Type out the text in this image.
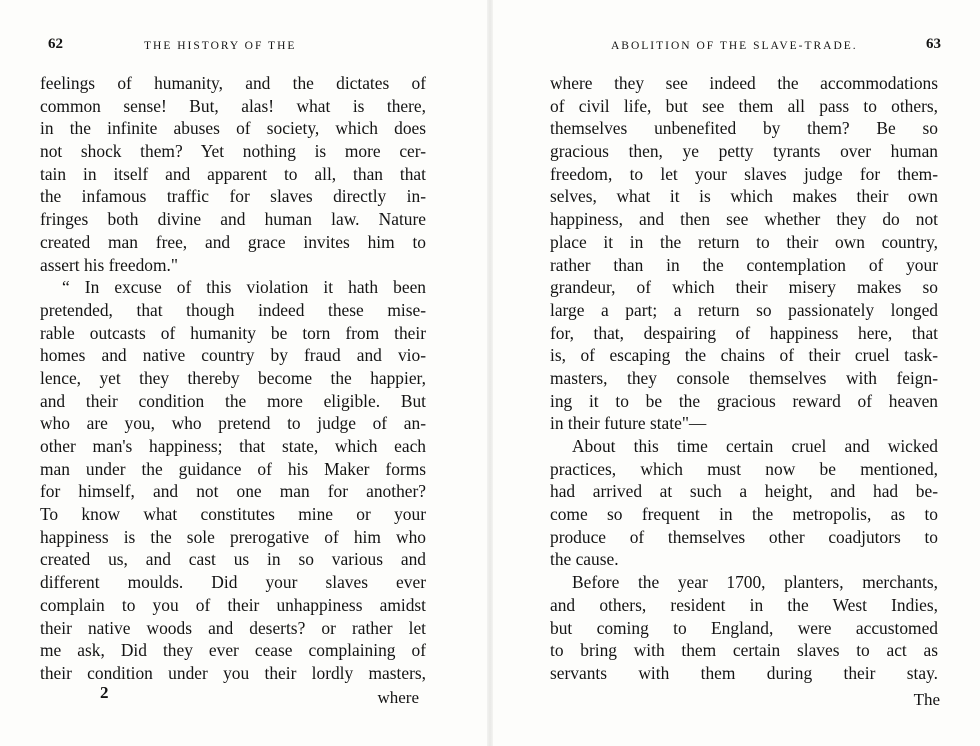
62	THE HISTORY OF THE
feelings of humanity, and the dictates of
common sense! But, alas! what is there,
in the infinite abuses of society, which does
not shock them? Yet nothing is more cer-
tain in itself and apparent to all, than that
the infamous traffic for slaves directly in-
fringes both divine and human law. Nature
created man free, and grace invites him to
assert his freedom."
“ In excuse of this violation it hath been
pretended, that though indeed these mise-
rable outcasts of humanity be torn from their
homes and native country by fraud and vio-
lence, yet they thereby become the happier,
and their condition the more eligible. But
who are you, who pretend to judge of an-
other man's happiness; that state, which each
man under the guidance of his Maker forms
for himself, and not one man for another?
To know what constitutes mine or your
happiness is the sole prerogative of him who
created us, and cast us in so various and
different moulds. Did your slaves ever
complain to you of their unhappiness amidst
their native woods and deserts? or rather let
me ask, Did they ever cease complaining of
their condition under you their lordly masters,
2	where
ABOLITION OF THE SLAVE-TRADE.	63
where they see indeed the accommodations
of civil life, but see them all pass to others,
themselves unbenefited by them? Be so
gracious then, ye petty tyrants over human
freedom, to let your slaves judge for them-
selves, what it is which makes their own
happiness, and then see whether they do not
place it in the return to their own country,
rather than in the contemplation of your
grandeur, of which their misery makes so
large a part; a return so passionately longed
for, that, despairing of happiness here, that
is, of escaping the chains of their cruel task-
masters, they console themselves with feign-
ing it to be the gracious reward of heaven
in their future state"—
About this time certain cruel and wicked
practices, which must now be mentioned,
had arrived at such a height, and had be-
come so frequent in the metropolis, as to
produce of themselves other coadjutors to
the cause.
Before the year 1700, planters, merchants,
and others, resident in the West Indies,
but coming to England, were accustomed
to bring with them certain slaves to act as
servants with them during their stay.
The
